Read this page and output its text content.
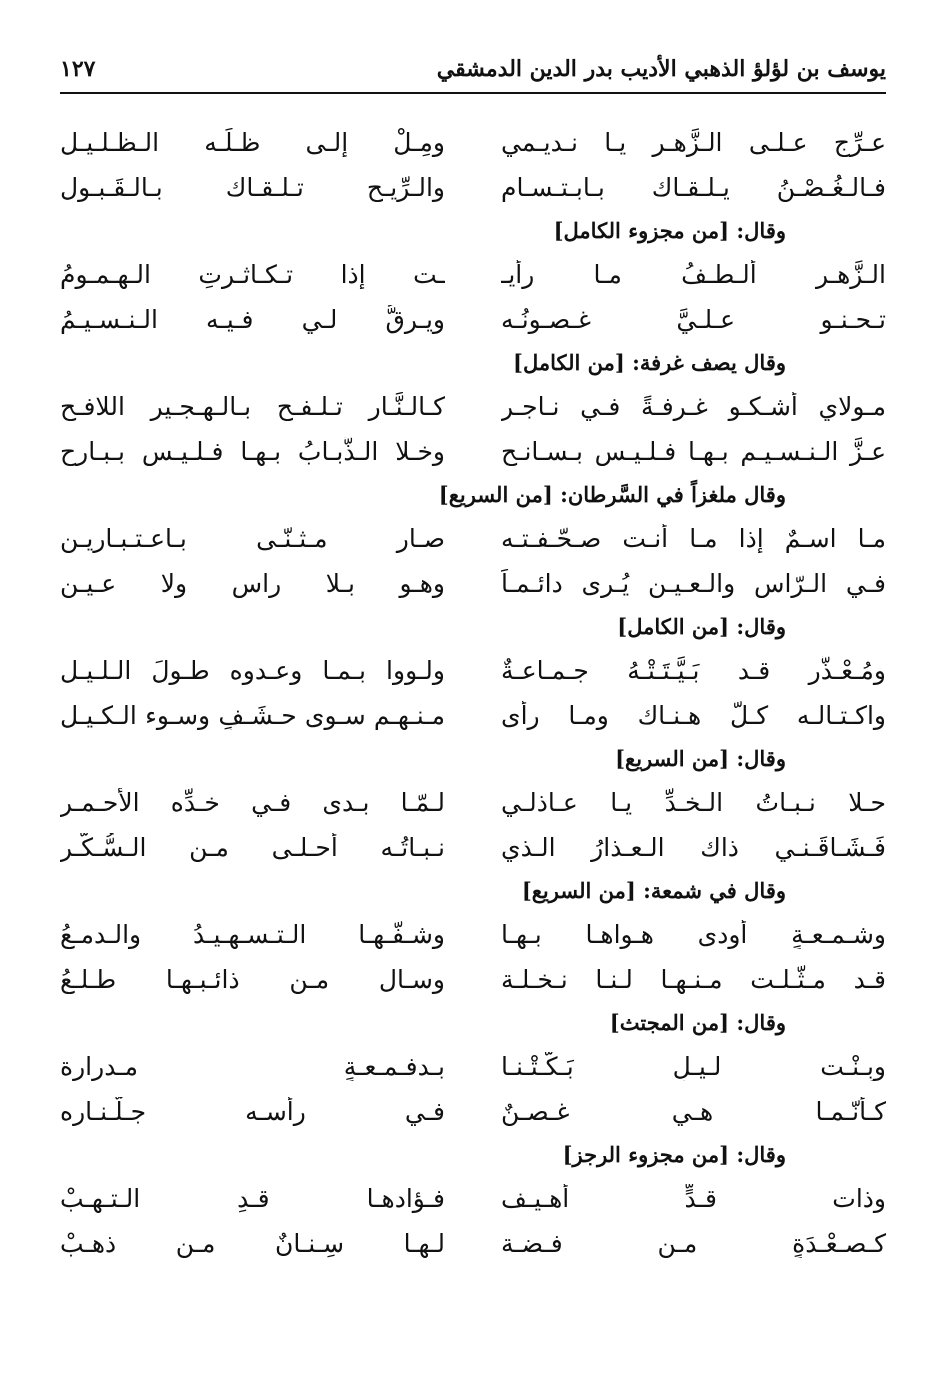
يوسف بن لؤلؤ الذهبي الأديب بدر الدين الدمشقي
١٢٧
عـرِّج عـلـى الـزَّهـرِ يـا نـديـمي
ومِـلْ إلـى ظـلِّـه الـظـلـيـل
فـالـغُـصْـنُ يـلـقـاك بـابـتـسـام
والـرِّيـح تـلـقـاك بـالـقَـبـولِ
وقال: [من مجزوء الكامل]
الـزَّهـر ألـطـفُ مـا رأيـ
ـت إذا تـكـاثـرتِ الـهـمـومُ
تـحـنـو عـلـيَّ غـصـونُـه
ويـرقُّ لـي فـيـه الـنـسـيـمُ
وقال يصف غرفة: [من الكامل]
مـولاي أشـكـو غـرفـةً فـي نـاجـرٍ
كـالـنَّـارِ تـلـفـح بـالـهـجـير اللافـح
عـزَّ الـنـسـيـم بـهـا فـلـيـس بـسـانـحٍ
وخـلا الـذُّبـابُ بـهـا فـلـيـس بـبـارحِ
وقال ملغزاً في السَّرطان: [من السريع]
مـا اسـمٌ إذا مـا أنـت صـحّـفـتـه
صـار مـثـنّـى بـاعـتـبـاريـن
فـي الـرّاس والـعـيـن يُـرى دائـمـاً
وهـو بـلا راسٍ ولا عـيـنِ
وقال: [من الكامل]
ومُـعْـذَّرٍ قـد بَـيَّـتَـتْـهُ جـمـاعـةٌ
ولـووا بـمـا وعـدوه طـولَ الـلـيـلِ
واكـتـالـه كـلٌّ هـنـاك ومـا رأى
مـنـهـم سـوى حـشَـفٍ وسـوء الـكـيـلِ
وقال: [من السريع]
حـلا نـبـاتُ الـخـدِّ يـا عـاذلـي
لـمّـا بـدى فـي خـدِّه الأحـمـرِ
فَـشَـاقَـنـي ذاك الـعـذارُ الـذي
نـبـاتُـه أحـلـى مـن الـسُّـكَّـرِ
وقال في شمعة: [من السريع]
وشـمـعـةٍ أودى هـواهـا بـهـا
وشـفّـهـا الـتـسـهـيـدُ والـدمـعُ
قـد مـثّـلـت مـنـهـا لـنـا نـخـلـة
وسـال مـن ذائـبـهـا طـلـعُ
وقال: [من المجتث]
وبِـنْـت لـيـلٍ بَـكَّـتْـنـا
بـدفـمـعـةٍ مـدرارة
كـأنّـمـا هـي غـصـنٌ
فـي رأسـه جـلّـنـاره
وقال: [من مجزوء الرجز]
وذات قـدٍّ أهـيـف
فـؤادهـا قـدِ الـتـهـبْ
كـصـعْـدَةٍ مـن فـضـة
لـهـا سِـنـانٌ مـن ذهـبْ
